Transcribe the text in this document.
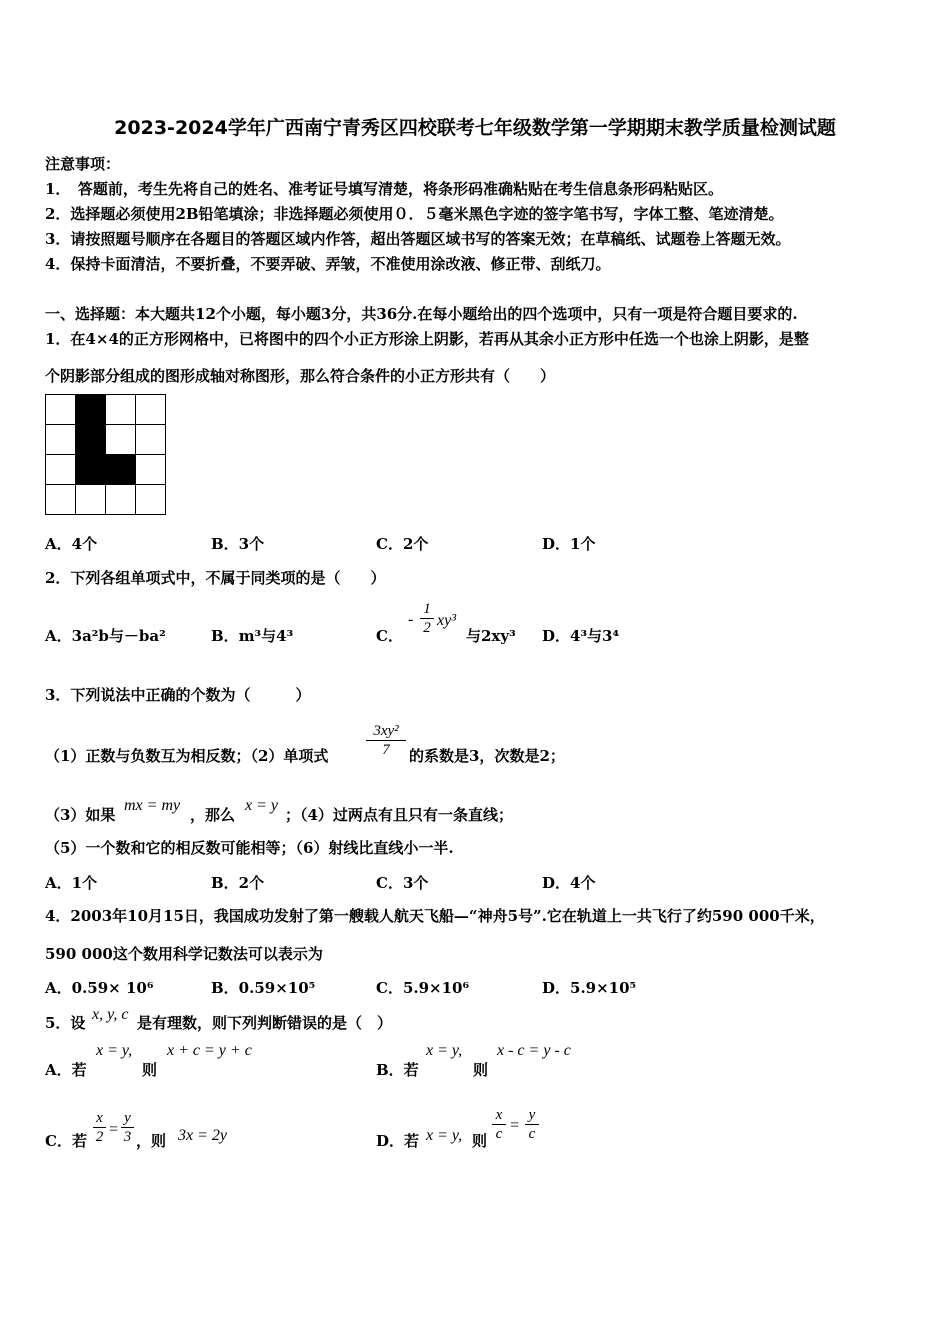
2023-2024学年广西南宁青秀区四校联考七年级数学第一学期期末教学质量检测试题
注意事项：
1．　答题前，考生先将自己的姓名、准考证号填写清楚，将条形码准确粘贴在考生信息条形码粘贴区。
2．选择题必须使用2B铅笔填涂；非选择题必须使用０．５毫米黑色字迹的签字笔书写，字体工整、笔迹清楚。
3．请按照题号顺序在各题目的答题区域内作答，超出答题区域书写的答案无效；在草稿纸、试题卷上答题无效。
4．保持卡面清洁，不要折叠，不要弄破、弄皱，不准使用涂改液、修正带、刮纸刀。
一、选择题：本大题共12个小题，每小题3分，共36分.在每小题给出的四个选项中，只有一项是符合题目要求的.
1．在4×4的正方形网格中，已将图中的四个小正方形涂上阴影，若再从其余小正方形中任选一个也涂上阴影，是整
个阴影部分组成的图形成轴对称图形，那么符合条件的小正方形共有（　　）
A．4个	B．3个	C．2个	D．1个
2．下列各组单项式中，不属于同类项的是（　　）
A．3a²b与－ba²	B．m³与4³	C．
-
1
2 xy³
与2xy³ D．4³与3⁴
3．下列说法中正确的个数为（　　　）
（1）正数与负数互为相反数；（2）单项式
3xy²
7	的系数是3，次数是2；
（3）如果
mx = my
，那么
x = y
；（4）过两点有且只有一条直线；
（5）一个数和它的相反数可能相等；（6）射线比直线小一半.
A．1个	B．2个	C．3个	D．4个
4．2003年10月15日，我国成功发射了第一艘载人航天飞船—“神舟5号”.它在轨道上一共飞行了约590 000千米，
590 000这个数用科学记数法可以表示为
A．0.59× 10⁶	B．0.59×10⁵	C．5.9×10⁶	D．5.9×10⁵
5．设 x, y, c 是有理数，则下列判断错误的是（　）
A．若
x = y,
则
x + c = y + c
B．若
x = y,
则
x - c = y - c
C．若
x
2 =
y
3 ，则 3x = 2y	D．若 x = y, 则
x
c =
y
c
